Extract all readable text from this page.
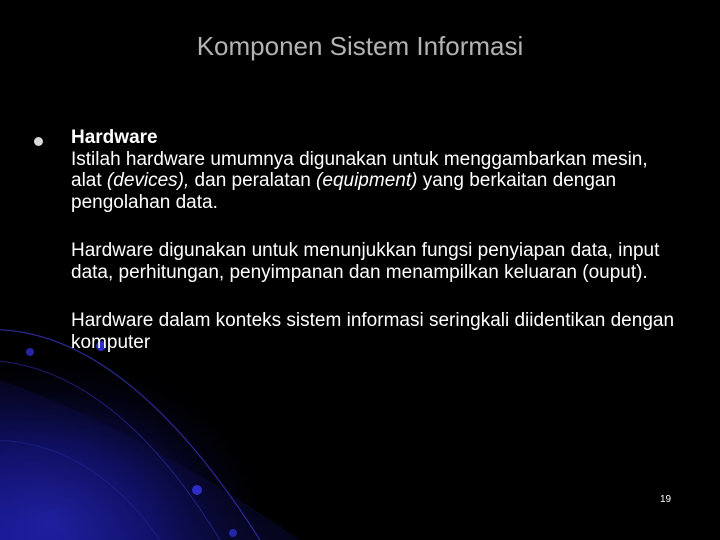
Komponen Sistem Informasi

Hardware

Istilah hardware umumnya digunakan untuk menggambarkan mesin, alat (devices), dan peralatan (equipment) yang berkaitan dengan pengolahan data.

Hardware digunakan untuk menunjukkan fungsi penyiapan data, input data, perhitungan, penyimpanan dan menampilkan keluaran (ouput).

Hardware dalam konteks sistem informasi seringkali diidentikan dengan komputer

19
